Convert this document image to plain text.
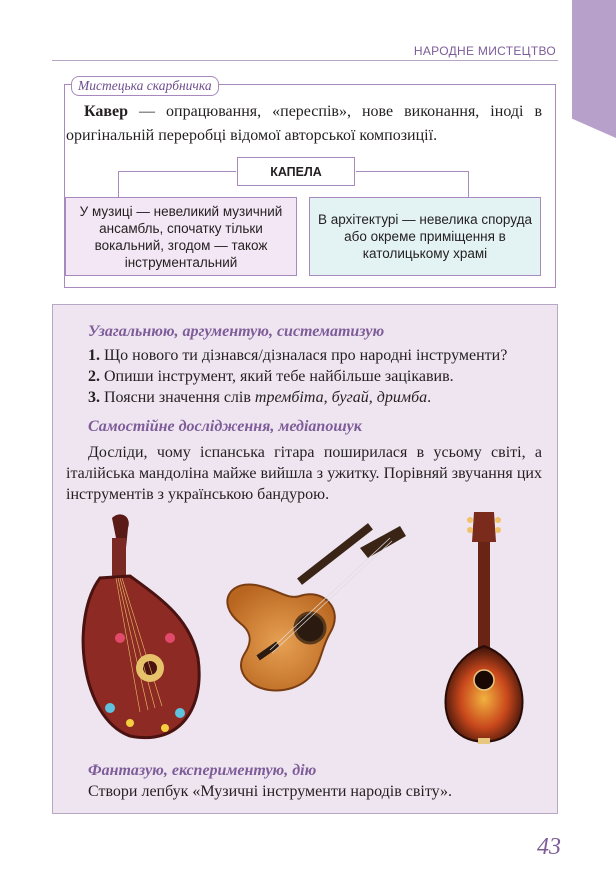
НАРОДНЕ МИСТЕЦТВО
Мистецька скарбничка
Кавер — опрацювання, «переспів», нове виконання, іноді в оригінальній переробці відомої авторської композиції.
КАПЕЛА
У музиці — невеликий музичний ансамбль, спочатку тільки вокальний, згодом — також інструментальний
В архітектурі — невелика споруда або окреме приміщення в католицькому храмі
Узагальнюю, аргументую, систематизую
1. Що нового ти дізнався/дізналася про народні інструменти?
2. Опиши інструмент, який тебе найбільше зацікавив.
3. Поясни значення слів трембіта, бугай, дримба.
Самостійне дослідження, медіапошук
Досліди, чому іспанська гітара поширилася в усьому світі, а італійська мандоліна майже вийшла з ужитку. Порівняй звучання цих інструментів з українською бандурою.
Фантазую, експериментую, дію
Створи лепбук «Музичні інструменти народів світу».
43
